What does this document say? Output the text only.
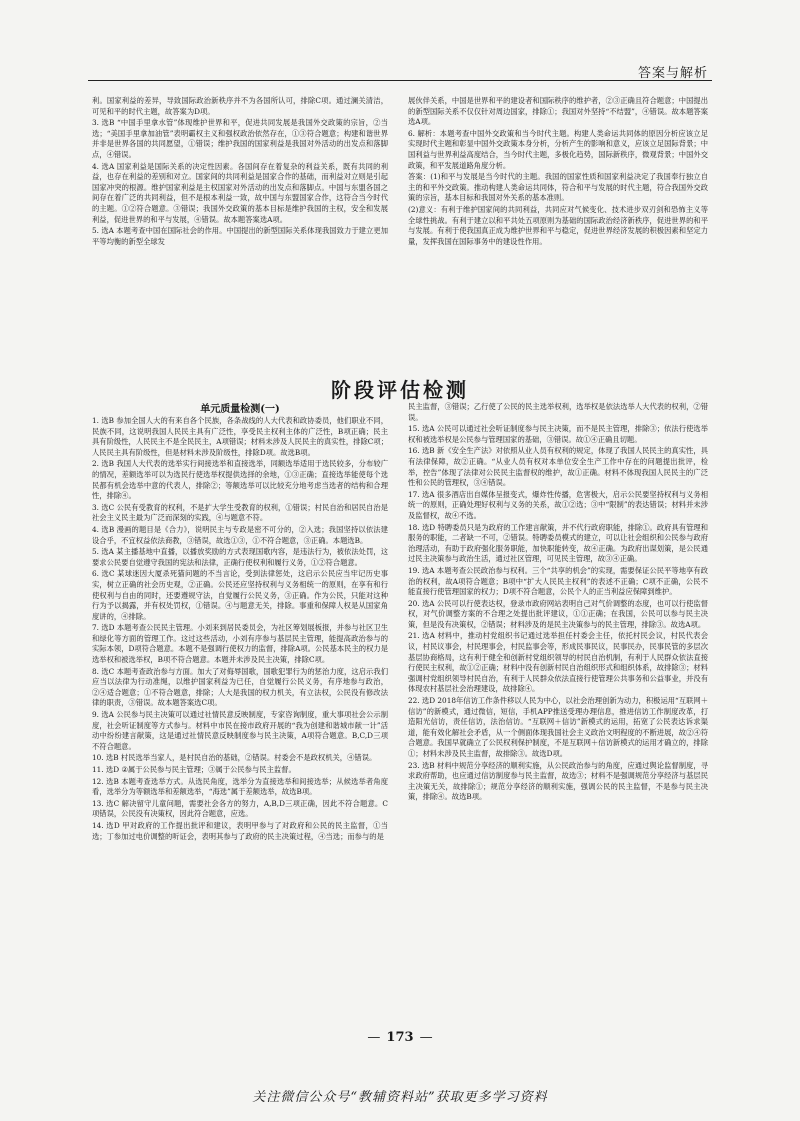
答案与解析

利。国家利益的差异，导致国际政治新秩序并不为各国所认可，排除C项。通过澜关清洁，可见和平的时代主题，故答案为D项。

3. 选B “中国手里拿水管”体现维护世界和平，促进共同发展是我国外交政策的宗旨，②当选；“美国手里拿加油管”表明霸权主义和强权政治依然存在，①③符合题意；构建和谐世界并非是世界各国的共同愿望，①错误；维护我国的国家利益是我国对外活动的出发点和落脚点，④错误。

4. 选A 国家利益是国际关系的决定性因素。各国间存在着复杂的利益关系，既有共同的利益，也存在利益的差别和对立。国家间的共同利益是国家合作的基础，而利益对立则是引起国家冲突的根源。维护国家利益是主权国家对外活动的出发点和落脚点。中国与东盟各国之间存在着广泛的共同利益，但不是根本利益一致，故中国与东盟国家合作，这符合当今时代的主题。①②符合题意。③错误；我国外交政策的基本目标是维护我国的主权，安全和发展利益，促进世界的和平与发展，④错误。故本题答案选A项。

5. 选A 本题考查中国在国际社会的作用。中国提出的新型国际关系体现我国致力于建立更加平等均衡的新型全球发

展伙伴关系，中国是世界和平的建设者和国际秩序的维护者，②③正确且符合题意；中国提出的新型国际关系不仅仅针对周边国家，排除①；我国对外坚持“不结盟”，④错误。故本题答案选A项。

6. 解析：本题考查中国外交政策和当今时代主题。构建人类命运共同体的原因分析应该立足实现时代主题和彰显中国外交政策本身分析，分析产生的影响和意义，应该立足国际背景；中国利益与世界利益高度结合，当今时代主题，多极化趋势，国际新秩序，微观背景；中国外交政策，和平发展道路角度分析。

答案：(1)和平与发展是当今时代的主题。我国的国家性质和国家利益决定了我国奉行独立自主的和平外交政策。推动构建人类命运共同体，符合和平与发展的时代主题，符合我国外交政策的宗旨，基本目标和我国对外关系的基本准则。

(2)意义：有利于维护国家间的共同利益，共同应对气候变化、技术进步双刃剑和恐怖主义等全球性挑战。有利于建立以和平共处五项原则为基础的国际政治经济新秩序，促进世界的和平与发展。有利于使我国真正成为维护世界和平与稳定，促进世界经济发展的积极因素和坚定力量，发挥我国在国际事务中的建设性作用。

阶段评估检测
单元质量检测(一)

1. 选B 参加全国人大的有来自各个民族，各条战线的人大代表和政协委员，他们职业不同，民族不同，这说明我国人民民主具有广泛性，享受民主权利主体的广泛性，B项正确；民主具有阶级性，人民民主不是全民民主，A项错误；材料未涉及人民民主的真实性，排除C项；人民民主具有阶级性，但是材料未涉及阶级性，排除D项。故选B项。

2. 选B 我国人大代表的选举实行间接选举和直接选举，同额选举适用于选民较多，分布较广的情况，差额选举可以为选民行使选举权提供选择的余地，①③正确；直接选举能使每个选民都有机会选举中意的代表人，排除②；等额选举可以比较充分地考虑当选者的结构和合理性，排除④。

3. 选C 公民有受教育的权利，不是扩大学生受教育的权利，①错误；村民自治和居民自治是社会主义民主最为广泛而深刻的实践，④与题意不符。

4. 选B 漫画的题目是《合力》，说明民主与专政是密不可分的，②入选；我国坚持以依法建设合乎，不宜权益依法商教，③错误，故选①③，①不符合题意，③正确。本题选B。

5. 选A 某主播基地中直播，以播放奖励的方式表现国歌内容，是违法行为，被依法处罚，这要求公民要自觉遵守我国的宪法和法律，正确行使权利和履行义务，①②符合题意。

6. 选C 某球迷因大厦杀死猫问题的不当言论，受到法律惩处，这启示公民应当牢记历史事实，树立正确的社会历史观，②正确。公民还应坚持权利与义务相统一的原则，在享有和行使权利与自由的同时，还要遵规守法，自觉履行公民义务，③正确。作为公民，只能对这种行为予以揭露，并有权处罚权，①错误。④与题意无关，排除。事重和保障人权是从国家角度讲的，④排除。

7. 选D 本题考查公民民主管理。小刘来到居民委员会，为社区筹划展板报，并参与社区卫生和绿化等方面的管理工作。这过这些活动，小刘有序参与基层民主管理，能提高政治参与的实际本领，D项符合题意。本题不是强调行使权力的监督，排除A项。公民基本民主的权力是选举权和被选举权，B项不符合题意。本题并未涉及民主决策，排除C项。

8. 选C 本题考查政治参与方面。加大了对侮辱国歌，国歌犯罪行为的惩治力度，这启示我们应当以法律为行动准绳，以维护国家利益为已任，自觉履行公民义务，有序地参与政治，②④适合题意；①不符合题意，排除；人大是我国的权力机关，有立法权，公民没有修改法律的职责，③错误。故本题答案选C项。

9. 选A 公民参与民主决策可以通过社情民意反映制度，专家咨询制度，重大事项社会公示制度，社会听证制度等方式参与。材料中市民在接市政府开展的“我为创建和谐城市献一计”活动中纷纷建言献策，这是通过社情民意反映制度参与民主决策，A项符合题意。B,C,D三项不符合题意。

10. 选B 村民选举当家人，是村民自治的基础，②错误。村委会不是政权机关，④错误。

11. 选D ②属于公民参与民主管理；③属于公民参与民主监督。

12. 选B 本题考查选举方式。从选民角度，选举分为直接选举和间接选举；从候选举者角度看，选举分为等额选举和差额选举，“海选”属于差额选举，故选B项。

13. 选C 解决留守儿童问题，需要社会各方的努力，A,B,D三项正确，因此不符合题意。C项错误，公民没有决策权，因此符合题意，应选。

14. 选D 甲对政府的工作提出批评和建议，表明甲参与了对政府和公民的民主监督，①当选；丁参加过电价调整的听证会，表明其参与了政府的民主决策过程，④当选；而参与的是

民主监督，③错误；乙行使了公民的民主选举权利，选举权是依法选举人大代表的权利，②错误。

15. 选A 公民可以通过社会听证制度参与民主决策，而不是民主管理，排除③；依法行使选举权和被选举权是公民参与管理国家的基础，③错误。故①④正确且切题。

16. 选B 新《安全生产法》对依照从业人员有权利的规定，体现了我国人民民主的真实性，具有法律保障，故②正确。“从业人员有权对本单位安全生产工作中存在的问题提出批评，检举，控告”体现了法律对公民民主监督权的维护，故①正确。材料不体现我国人民民主的广泛性和公民的管理权，③④错误。

17. 选A 很多酒店出自媒体呈报变式，爆炸性传播，危害极大，启示公民要坚持权利与义务相统一的原则，正确处理好权利与义务的关系，故①②选；③中“限制”的表达错误；材料并未涉及监督权，故④不选。

18. 选D 特聘委员只是为政府的工作建言献策，并不代行政府职能，排除①。政府具有管理和服务的职能，二者缺一不可，②错误。特聘委员模式的建立，可以让社会组织和公民参与政府治理活动，有助于政府强化服务职能，加快职能转变，故④正确。为政府出谋划策，是公民通过民主决策参与政治生活，通过社区管理，可见民主管理，故③④正确。

19. 选A 本题考查公民政治参与权利。三个“共享的机会”的实现，需要保证公民平等地享有政治的权利，故A项符合题意；B项中“扩大人民民主权利”的表述不正确；C项不正确，公民不能直接行使管理国家的权力；D项不符合题意，公民个人的正当利益应保障到维护。

20. 选A 公民可以行使表达权，登录市政府网站表明自己对气价调整的态度，也可以行使监督权，对气价调整方案的不合理之处提出批评建议，①①正确；在我国，公民可以参与民主决策，但是没有决策权，②错误；材料涉及的是民主决策参与的民主管理，排除③。故选A项。

21. 选A 材料中，推动村党组织书记通过选举担任村委会主任，依托村民会议，村民代表会议，村民议事会，村民理事会，村民监事会等，形成民事民议，民事民办，民事民管的多层次基层协商格局，这有利于健全和创新村党组织领导的村民自治机制，有利于人民群众依法直接行使民主权利，故①②正确；材料中没有创新村民自治组织形式和组织体系，故排除③；材料强调村党组织领导村民自治，有利于人民群众依法直接行使管理公共事务和公益事业，并没有体现农村基层社会治理建设，故排除④。

22. 选D 2018年信访工作条件移以人民为中心，以社会治理创新为动力，积极运用“互联网＋信访”的新模式，通过微信，短信，手机APP推送受理办理信息，推进信访工作制度改革，打造阳光信访，责任信访，法治信访。“互联网＋信访”新模式的运用，拓宽了公民表达诉求渠道，能有效化解社会矛盾，从一个侧面体现我国社会主义政治文明程度的不断进展，故②④符合题意。我国早就确立了公民权利保护制度，不是互联网＋信访新模式的运用才确立的，排除①；材料未涉及民主监督，故排除③。故选D项。

23. 选B 材料中规范分享经济的顺利实施，从公民政治参与的角度，应通过舆论监督制度，寻求政府帮助，也应通过信访制度参与民主监督，故选③；材料不是强调规范分享经济与基层民主决策无关，故排除①；规范分享经济的顺利实施，强调公民的民主监督，不是参与民主决策，排除④。故选B项。

— 173 —
关注微信公众号“教辅资料站”获取更多学习资料
